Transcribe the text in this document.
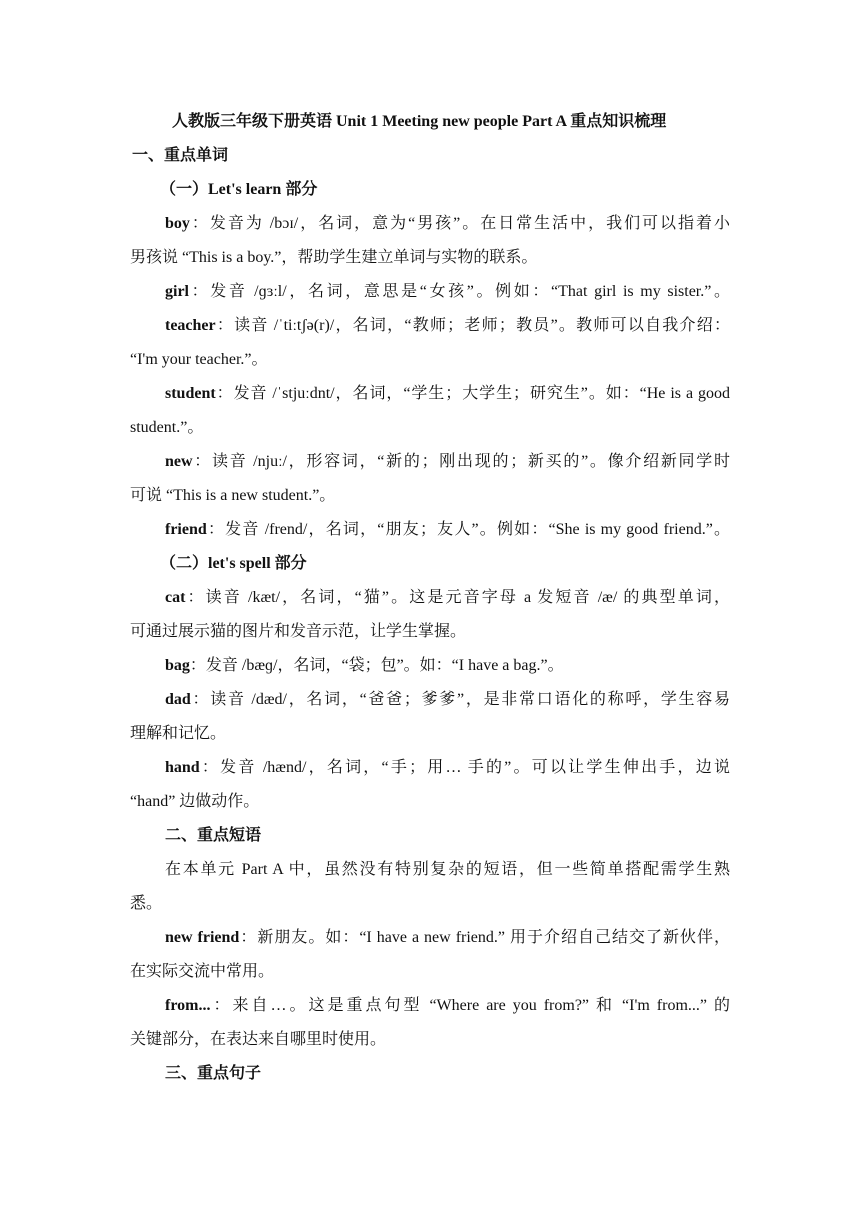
人教版三年级下册英语 Unit 1 Meeting new people Part A 重点知识梳理
一、重点单词
（一）Let's learn 部分
boy：发音为 /bɔɪ/，名词，意为“男孩”。在日常生活中，我们可以指着小
男孩说 “This is a boy.”，帮助学生建立单词与实物的联系。
girl：发音 /ɡɜːl/，名词，意思是“女孩”。例如：“That girl is my sister.”。
teacher：读音 /ˈtiːtʃə(r)/，名词，“教师；老师；教员”。教师可以自我介绍：
“I'm your teacher.”。
student：发音 /ˈstjuːdnt/，名词，“学生；大学生；研究生”。如：“He is a good
student.”。
new：读音 /njuː/，形容词，“新的；刚出现的；新买的”。像介绍新同学时
可说 “This is a new student.”。
friend：发音 /frend/，名词，“朋友；友人”。例如：“She is my good friend.”。
（二）let's spell 部分
cat：读音 /kæt/，名词，“猫”。这是元音字母 a 发短音 /æ/ 的典型单词，
可通过展示猫的图片和发音示范，让学生掌握。
bag：发音 /bæɡ/，名词，“袋；包”。如：“I have a bag.”。
dad：读音 /dæd/，名词，“爸爸；爹爹”，是非常口语化的称呼，学生容易
理解和记忆。
hand：发音 /hænd/，名词，“手；用… 手的”。可以让学生伸出手，边说
“hand” 边做动作。
二、重点短语
在本单元 Part A 中，虽然没有特别复杂的短语，但一些简单搭配需学生熟
悉。
new friend：新朋友。如：“I have a new friend.” 用于介绍自己结交了新伙伴，
在实际交流中常用。
from...：来自…。这是重点句型 “Where are you from?” 和 “I'm from...” 的
关键部分，在表达来自哪里时使用。
三、重点句子
